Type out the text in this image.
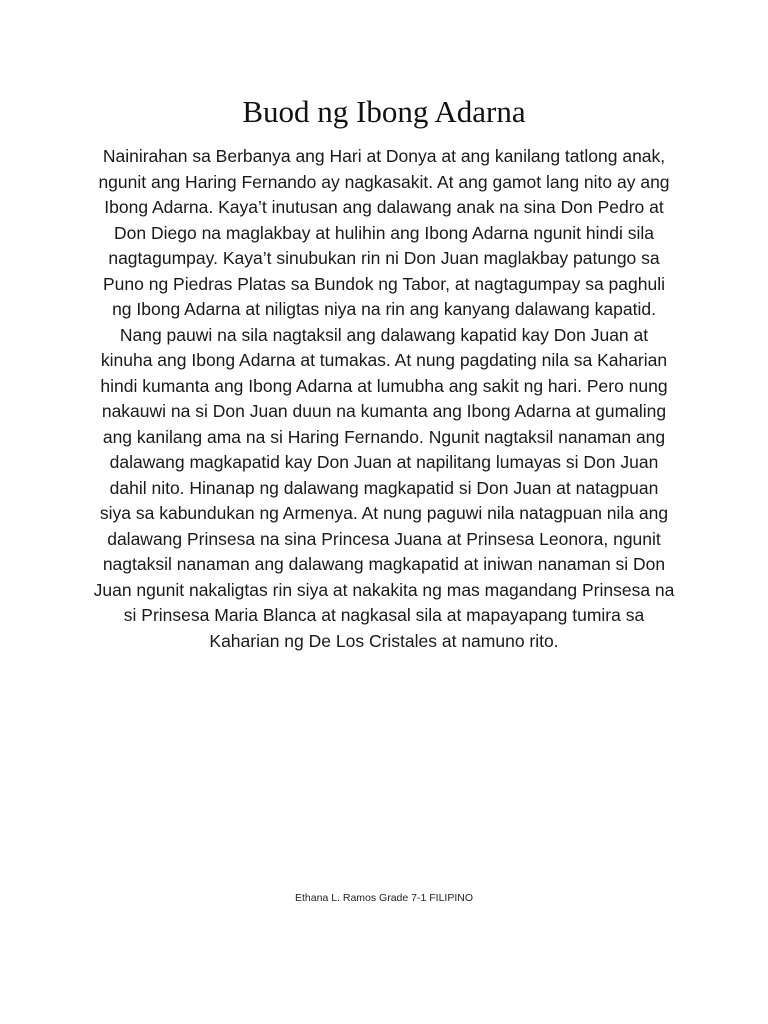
Buod ng Ibong Adarna

Nainirahan sa Berbanya ang Hari at Donya at ang kanilang tatlong anak, ngunit ang Haring Fernando ay nagkasakit. At ang gamot lang nito ay ang Ibong Adarna. Kaya’t inutusan ang dalawang anak na sina Don Pedro at Don Diego na maglakbay at hulihin ang Ibong Adarna ngunit hindi sila nagtagumpay. Kaya’t sinubukan rin ni Don Juan maglakbay patungo sa Puno ng Piedras Platas sa Bundok ng Tabor, at nagtagumpay sa paghuli ng Ibong Adarna at niligtas niya na rin ang kanyang dalawang kapatid. Nang pauwi na sila nagtaksil ang dalawang kapatid kay Don Juan at kinuha ang Ibong Adarna at tumakas. At nung pagdating nila sa Kaharian hindi kumanta ang Ibong Adarna at lumubha ang sakit ng hari. Pero nung nakauwi na si Don Juan duun na kumanta ang Ibong Adarna at gumaling ang kanilang ama na si Haring Fernando. Ngunit nagtaksil nanaman ang dalawang magkapatid kay Don Juan at napilitang lumayas si Don Juan dahil nito. Hinanap ng dalawang magkapatid si Don Juan at natagpuan siya sa kabundukan ng Armenya. At nung paguwi nila natagpuan nila ang dalawang Prinsesa na sina Princesa Juana at Prinsesa Leonora, ngunit nagtaksil nanaman ang dalawang magkapatid at iniwan nanaman si Don Juan ngunit nakaligtas rin siya at nakakita ng mas magandang Prinsesa na si Prinsesa Maria Blanca at nagkasal sila at mapayapang tumira sa Kaharian ng De Los Cristales at namuno rito.

Ethana L. Ramos Grade 7-1 FILIPINO
